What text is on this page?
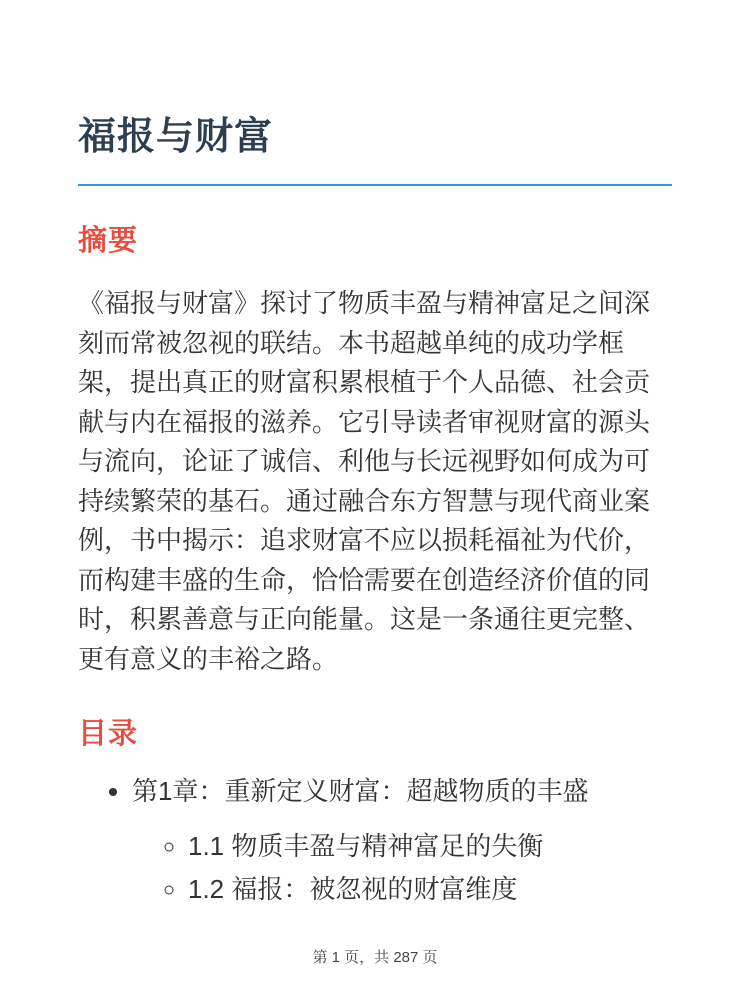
福报与财富
摘要

《福报与财富》探讨了物质丰盈与精神富足之间深刻而常被忽视的联结。本书超越单纯的成功学框架，提出真正的财富积累根植于个人品德、社会贡献与内在福报的滋养。它引导读者审视财富的源头与流向，论证了诚信、利他与长远视野如何成为可持续繁荣的基石。通过融合东方智慧与现代商业案例，书中揭示：追求财富不应以损耗福祉为代价，而构建丰盛的生命，恰恰需要在创造经济价值的同时，积累善意与正向能量。这是一条通往更完整、更有意义的丰裕之路。

目录
• 第1章：重新定义财富：超越物质的丰盛
◦ 1.1 物质丰盈与精神富足的失衡
◦ 1.2 福报：被忽视的财富维度
第 1 页，共 287 页
